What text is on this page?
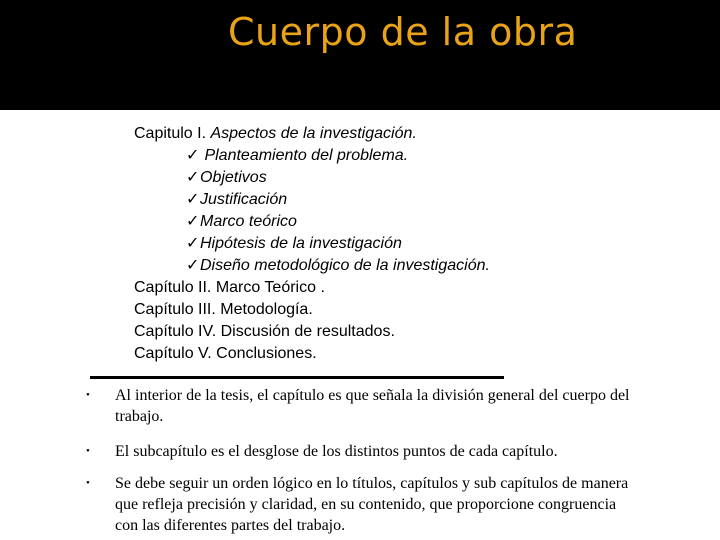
Cuerpo de la obra
Capitulo I. Aspectos de la investigación.
✓ Planteamiento del problema.
✓Objetivos
✓Justificación
✓Marco teórico
✓Hipótesis de la investigación
✓Diseño metodológico de la investigación.
Capítulo II. Marco Teórico .
Capítulo III. Metodología.
Capítulo IV. Discusión de resultados.
Capítulo V. Conclusiones.
• Al interior de la tesis, el capítulo es que señala la división general del cuerpo del trabajo.
• El subcapítulo es el desglose de los distintos puntos de cada capítulo.
• Se debe seguir un orden lógico en lo títulos, capítulos y sub capítulos de manera que refleja precisión y claridad, en su contenido, que proporcione congruencia con las diferentes partes del trabajo.
